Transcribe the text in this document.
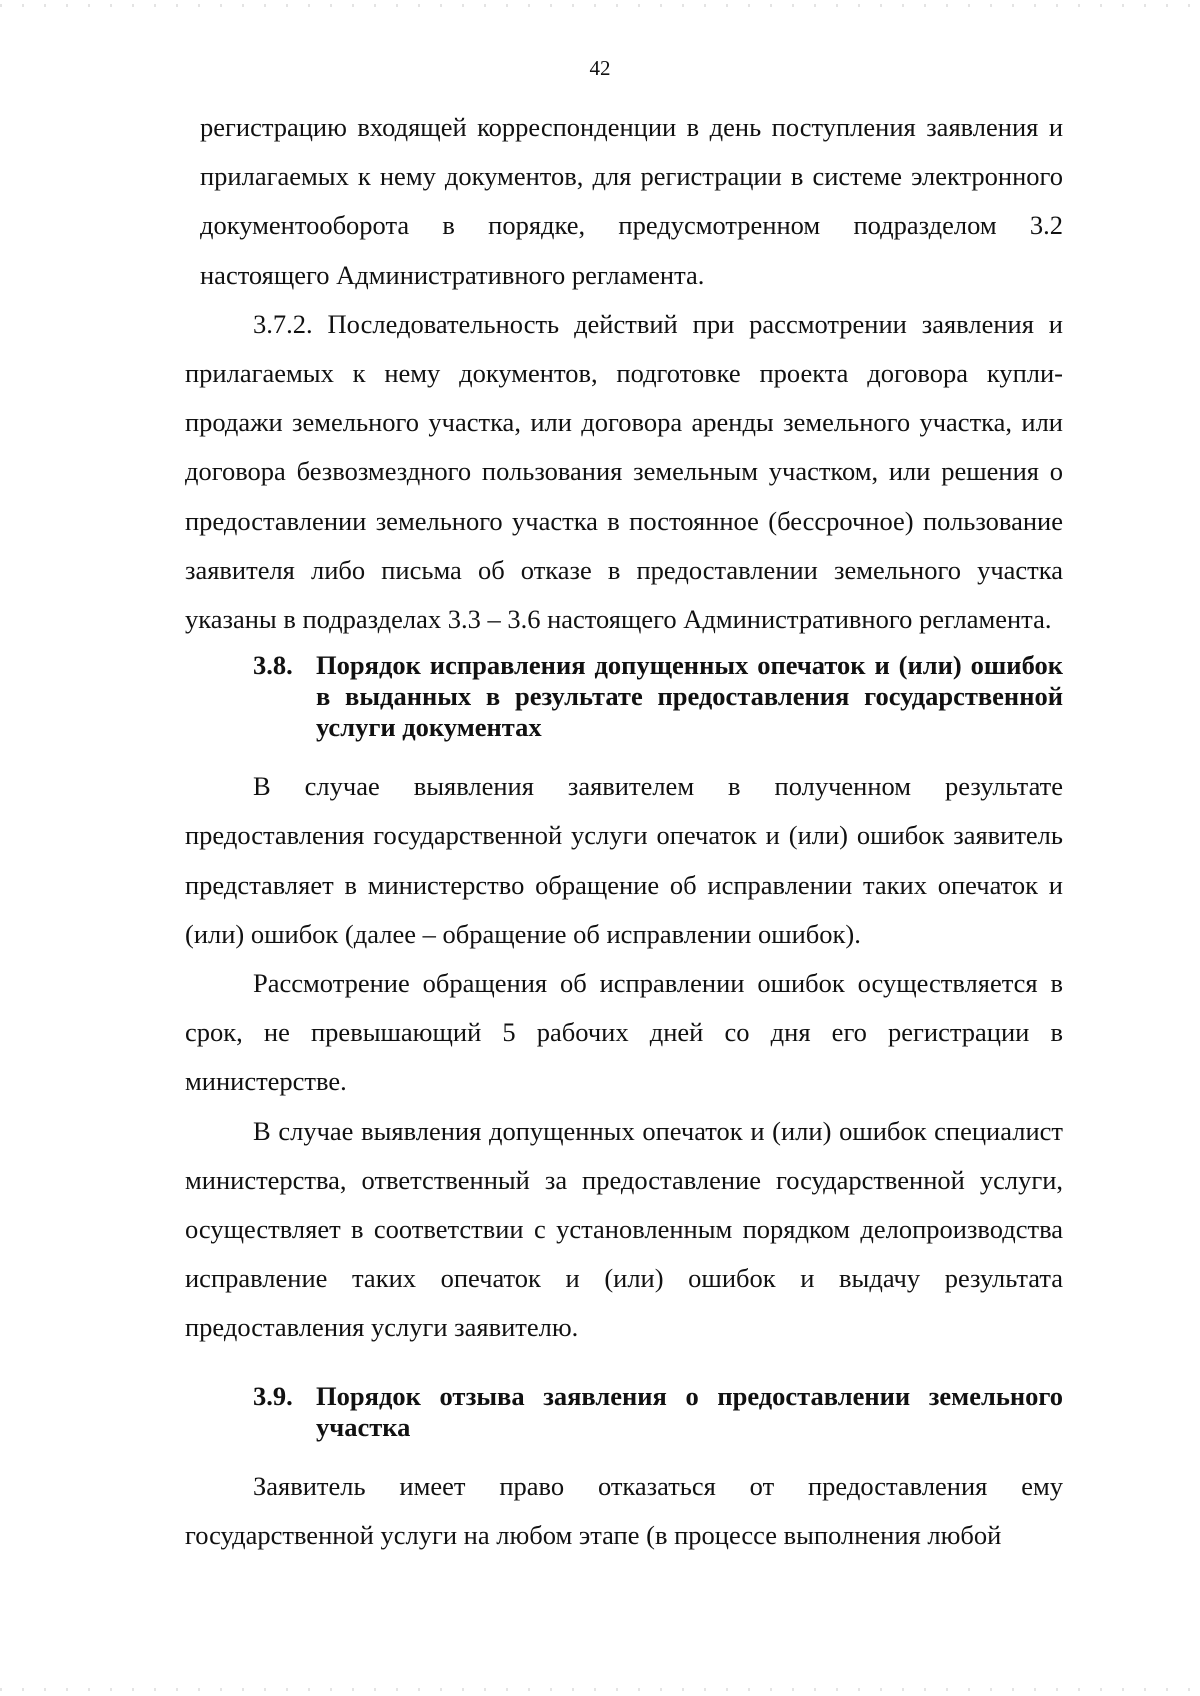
42

регистрацию входящей корреспонденции в день поступления заявления и прилагаемых к нему документов, для регистрации в системе электронного документооборота в порядке, предусмотренном подразделом 3.2 настоящего Административного регламента.

3.7.2. Последовательность действий при рассмотрении заявления и прилагаемых к нему документов, подготовке проекта договора купли-продажи земельного участка, или договора аренды земельного участка, или договора безвозмездного пользования земельным участком, или решения о предоставлении земельного участка в постоянное (бессрочное) пользование заявителя либо письма об отказе в предоставлении земельного участка указаны в подразделах 3.3 – 3.6 настоящего Административного регламента.

3.8. Порядок исправления допущенных опечаток и (или) ошибок в выданных в результате предоставления государственной услуги документах

В случае выявления заявителем в полученном результате предоставления государственной услуги опечаток и (или) ошибок заявитель представляет в министерство обращение об исправлении таких опечаток и (или) ошибок (далее – обращение об исправлении ошибок).

Рассмотрение обращения об исправлении ошибок осуществляется в срок, не превышающий 5 рабочих дней со дня его регистрации в министерстве.

В случае выявления допущенных опечаток и (или) ошибок специалист министерства, ответственный за предоставление государственной услуги, осуществляет в соответствии с установленным порядком делопроизводства исправление таких опечаток и (или) ошибок и выдачу результата предоставления услуги заявителю.

3.9. Порядок отзыва заявления о предоставлении земельного участка

Заявитель имеет право отказаться от предоставления ему государственной услуги на любом этапе (в процессе выполнения любой
